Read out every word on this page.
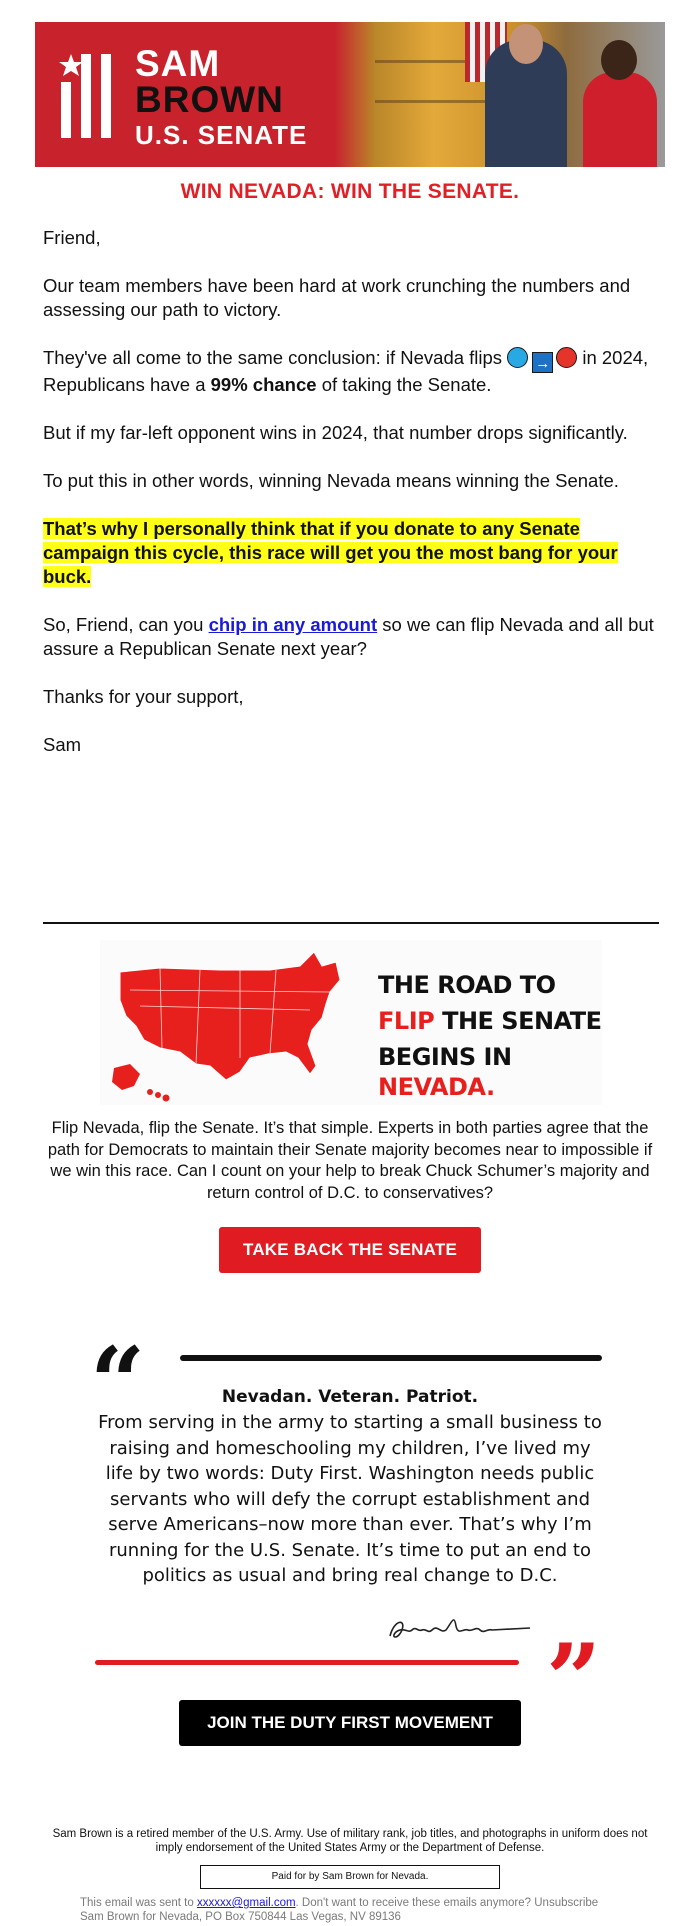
SAM
BROWN
U.S. SENATE
WIN NEVADA: WIN THE SENATE.

Friend,

Our team members have been hard at work crunching the numbers and assessing our path to victory.

They've all come to the same conclusion: if Nevada flips → in 2024, Republicans have a 99% chance of taking the Senate.

But if my far-left opponent wins in 2024, that number drops significantly.

To put this in other words, winning Nevada means winning the Senate.

That’s why I personally think that if you donate to any Senate campaign this cycle, this race will get you the most bang for your buck.

So, Friend, can you chip in any amount so we can flip Nevada and all but assure a Republican Senate next year?

Thanks for your support,

Sam

THE ROAD TO
FLIP THE SENATE
BEGINS IN NEVADA.
Flip Nevada, flip the Senate. It’s that simple. Experts in both parties agree that the path for Democrats to maintain their Senate majority becomes near to impossible if we win this race. Can I count on your help to break Chuck Schumer’s majority and return control of D.C. to conservatives?
TAKE BACK THE SENATE
“	Nevadan. Veteran. Patriot.
From serving in the army to starting a small business to raising and homeschooling my children, I’ve lived my life by two words: Duty First. Washington needs public servants who will defy the corrupt establishment and serve Americans–now more than ever. That’s why I’m running for the U.S. Senate. It’s time to put an end to politics as usual and bring real change to D.C.
”
JOIN THE DUTY FIRST MOVEMENT
Sam Brown is a retired member of the U.S. Army. Use of military rank, job titles, and photographs in uniform does not imply endorsement of the United States Army or the Department of Defense.
Paid for by Sam Brown for Nevada.
This email was sent to xxxxxx@gmail.com. Don't want to receive these emails anymore? Unsubscribe
Sam Brown for Nevada, PO Box 750844 Las Vegas, NV 89136
